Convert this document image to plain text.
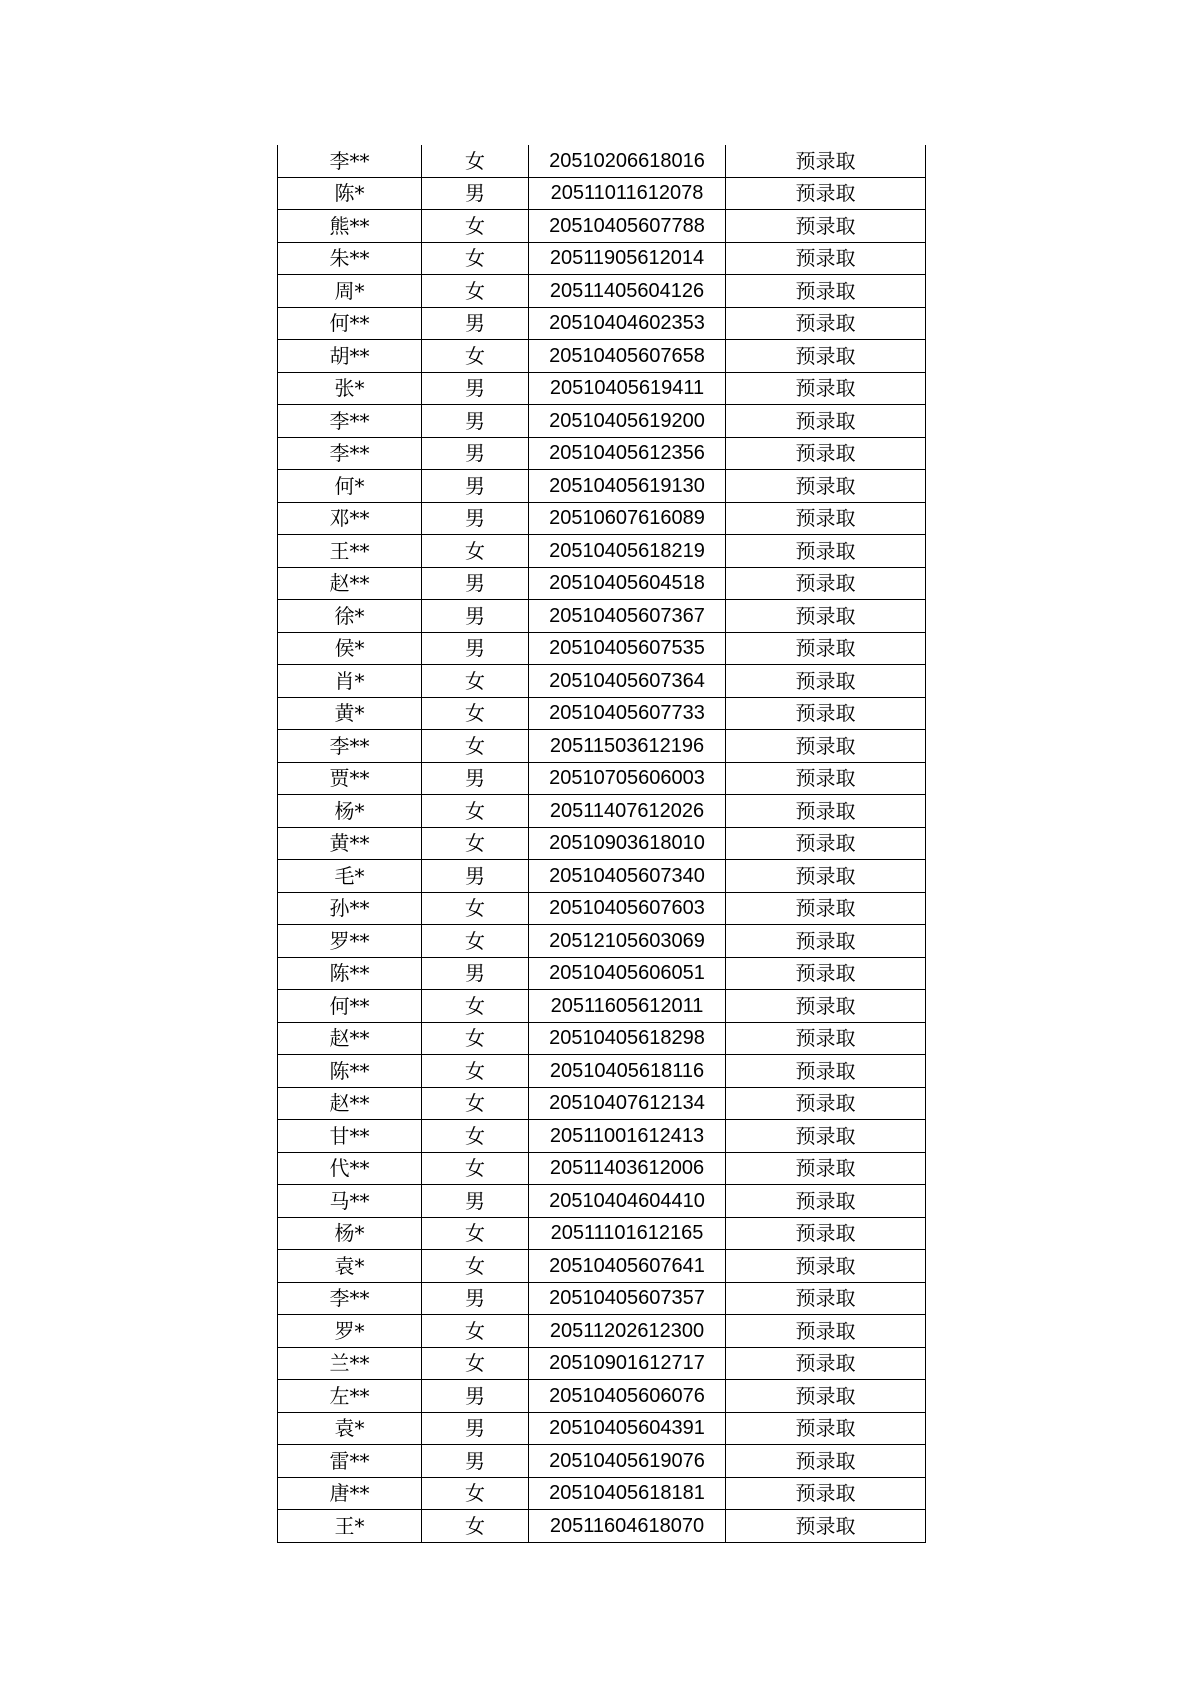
李**	女	20510206618016	预录取
陈*	男	20511011612078	预录取
熊**	女	20510405607788	预录取
朱**	女	20511905612014	预录取
周*	女	20511405604126	预录取
何**	男	20510404602353	预录取
胡**	女	20510405607658	预录取
张*	男	20510405619411	预录取
李**	男	20510405619200	预录取
李**	男	20510405612356	预录取
何*	男	20510405619130	预录取
邓**	男	20510607616089	预录取
王**	女	20510405618219	预录取
赵**	男	20510405604518	预录取
徐*	男	20510405607367	预录取
侯*	男	20510405607535	预录取
肖*	女	20510405607364	预录取
黄*	女	20510405607733	预录取
李**	女	20511503612196	预录取
贾**	男	20510705606003	预录取
杨*	女	20511407612026	预录取
黄**	女	20510903618010	预录取
毛*	男	20510405607340	预录取
孙**	女	20510405607603	预录取
罗**	女	20512105603069	预录取
陈**	男	20510405606051	预录取
何**	女	20511605612011	预录取
赵**	女	20510405618298	预录取
陈**	女	20510405618116	预录取
赵**	女	20510407612134	预录取
甘**	女	20511001612413	预录取
代**	女	20511403612006	预录取
马**	男	20510404604410	预录取
杨*	女	20511101612165	预录取
袁*	女	20510405607641	预录取
李**	男	20510405607357	预录取
罗*	女	20511202612300	预录取
兰**	女	20510901612717	预录取
左**	男	20510405606076	预录取
袁*	男	20510405604391	预录取
雷**	男	20510405619076	预录取
唐**	女	20510405618181	预录取
王*	女	20511604618070	预录取
